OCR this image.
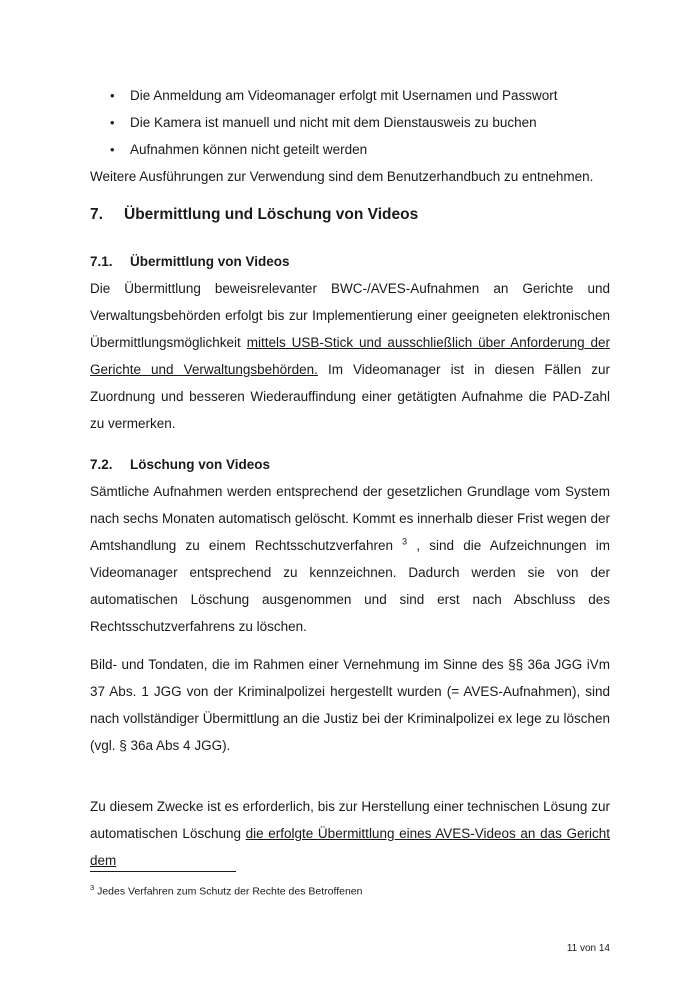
•	Die Anmeldung am Videomanager erfolgt mit Usernamen und Passwort
•	Die Kamera ist manuell und nicht mit dem Dienstausweis zu buchen
•	Aufnahmen können nicht geteilt werden

Weitere Ausführungen zur Verwendung sind dem Benutzerhandbuch zu entnehmen.

7.	Übermittlung und Löschung von Videos
7.1.	Übermittlung von Videos

Die Übermittlung beweisrelevanter BWC-/AVES-Aufnahmen an Gerichte und Verwaltungsbehörden erfolgt bis zur Implementierung einer geeigneten elektronischen Übermittlungsmöglichkeit mittels USB-Stick und ausschließlich über Anforderung der Gerichte und Verwaltungsbehörden. Im Videomanager ist in diesen Fällen zur Zuordnung und besseren Wiederauffindung einer getätigten Aufnahme die PAD-Zahl zu vermerken.

7.2.	Löschung von Videos

Sämtliche Aufnahmen werden entsprechend der gesetzlichen Grundlage vom System nach sechs Monaten automatisch gelöscht. Kommt es innerhalb dieser Frist wegen der Amtshandlung zu einem Rechtsschutzverfahren $^3$ , sind die Aufzeichnungen im Videomanager entsprechend zu kennzeichnen. Dadurch werden sie von der automatischen Löschung ausgenommen und sind erst nach Abschluss des Rechtsschutzverfahrens zu löschen.

Bild- und Tondaten, die im Rahmen einer Vernehmung im Sinne des §§ 36a JGG iVm 37 Abs. 1 JGG von der Kriminalpolizei hergestellt wurden (= AVES-Aufnahmen), sind nach vollständiger Übermittlung an die Justiz bei der Kriminalpolizei ex lege zu löschen (vgl. § 36a Abs 4 JGG).

Zu diesem Zwecke ist es erforderlich, bis zur Herstellung einer technischen Lösung zur automatischen Löschung die erfolgte Übermittlung eines AVES-Videos an das Gericht dem

$^3$ Jedes Verfahren zum Schutz der Rechte des Betroffenen

11 von 14
